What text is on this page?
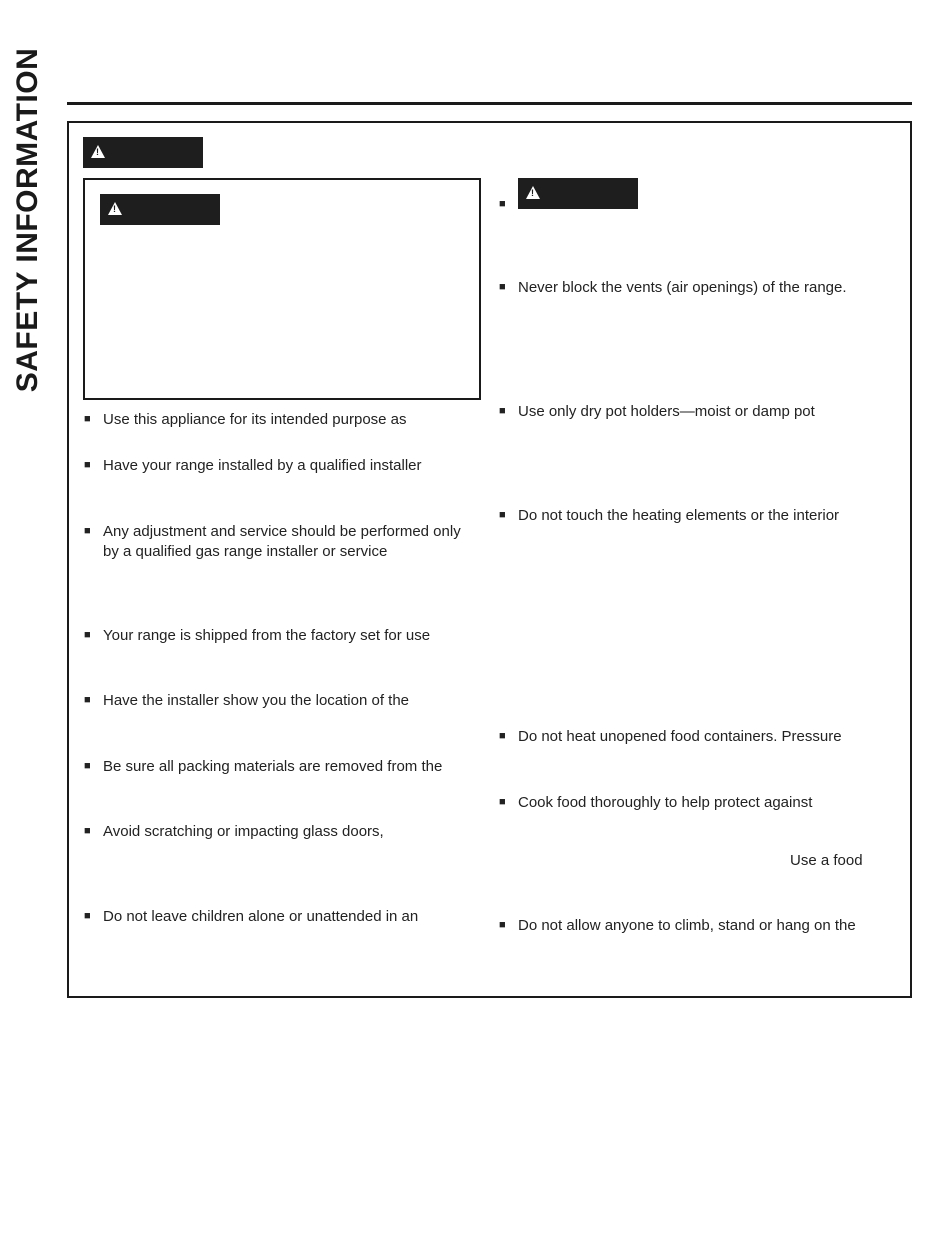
SAFETY INFORMATION
!
!	■
!
■ Use this appliance for its intended purpose as
■ Have your range installed by a qualified installer
■ Any adjustment and service should be performed only by a qualified gas range installer or service
■ Your range is shipped from the factory set for use
■ Have the installer show you the location of the
■ Be sure all packing materials are removed from the
■ Avoid scratching or impacting glass doors,
■ Do not leave children alone or unattended in an
■ Never block the vents (air openings) of the range.
■ Use only dry pot holders—moist or damp pot
■ Do not touch the heating elements or the interior
■ Do not heat unopened food containers. Pressure
■ Cook food thoroughly to help protect against
Use a food
■ Do not allow anyone to climb, stand or hang on the
